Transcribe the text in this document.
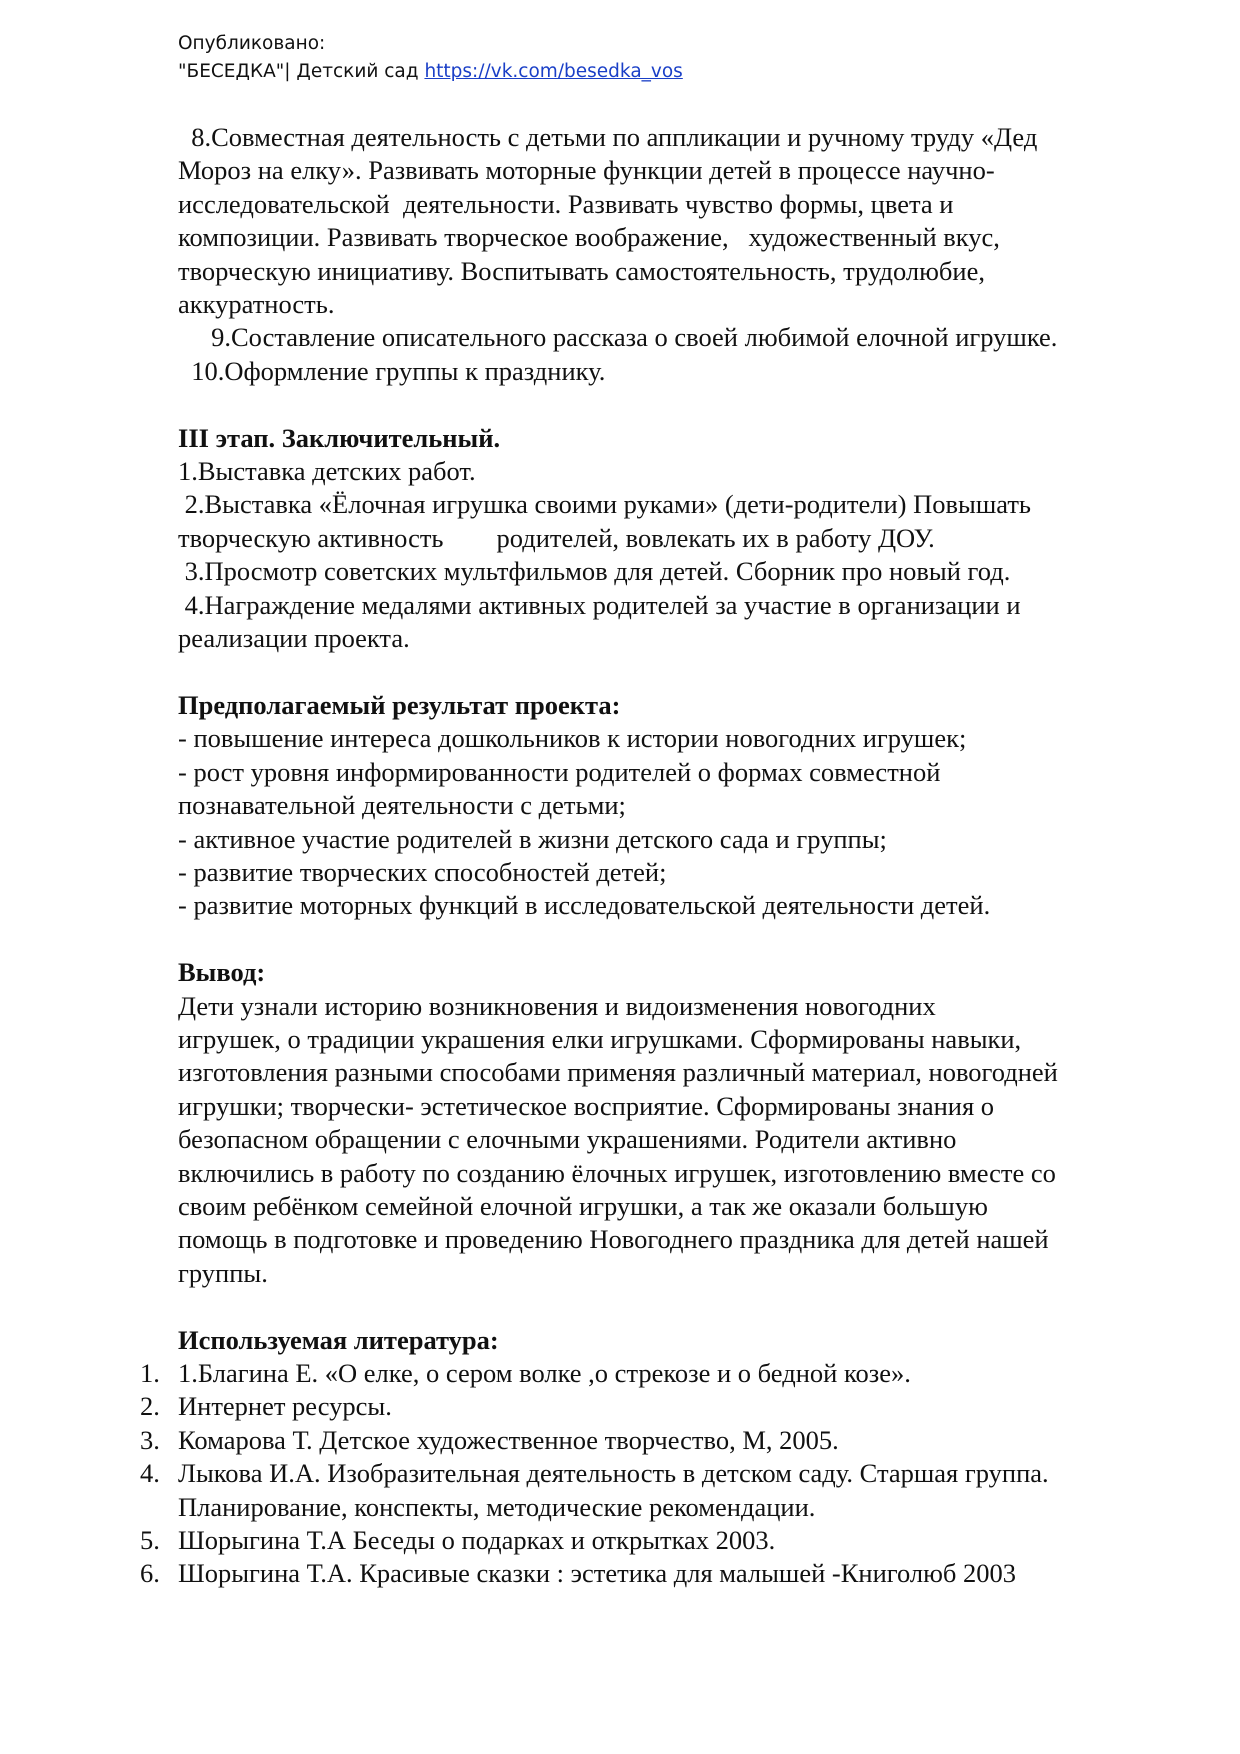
Опубликовано:
"БЕСЕДКА"| Детский сад https://vk.com/besedka_vos

8.Совместная деятельность с детьми по аппликации и ручному труду «Дед

Мороз на елку». Развивать моторные функции детей в процессе научно-

исследовательской  деятельности. Развивать чувство формы, цвета и

композиции. Развивать творческое воображение,   художественный вкус,

творческую инициативу. Воспитывать самостоятельность, трудолюбие,

аккуратность.

9.Составление описательного рассказа о своей любимой елочной игрушке.

10.Оформление группы к празднику.

III этап. Заключительный.

1.Выставка детских работ.

2.Выставка «Ёлочная игрушка своими руками» (дети-родители) Повышать

творческую активность        родителей, вовлекать их в работу ДОУ.

3.Просмотр советских мультфильмов для детей. Сборник про новый год.

4.Награждение медалями активных родителей за участие в организации и

реализации проекта.

Предполагаемый результат проекта:

- повышение интереса дошкольников к истории новогодних игрушек;

- рост уровня информированности родителей о формах совместной

познавательной деятельности с детьми;

- активное участие родителей в жизни детского сада и группы;

- развитие творческих способностей детей;

- развитие моторных функций в исследовательской деятельности детей.

Вывод:

Дети узнали историю возникновения и видоизменения новогодних

игрушек, о традиции украшения елки игрушками. Сформированы навыки,

изготовления разными способами применяя различный материал, новогодней

игрушки; творчески- эстетическое восприятие. Сформированы знания о

безопасном обращении с елочными украшениями. Родители активно

включились в работу по созданию ёлочных игрушек, изготовлению вместе со

своим ребёнком семейной елочной игрушки, а так же оказали большую

помощь в подготовке и проведению Новогоднего праздника для детей нашей

группы.

Используемая литература:

1. 1.Благина Е. «О елке, о сером волке ,о стрекозе и о бедной козе».

2. Интернет ресурсы.

3. Комарова Т. Детское художественное творчество, М, 2005.

4. Лыкова И.А. Изобразительная деятельность в детском саду. Старшая группа.

Планирование, конспекты, методические рекомендации.

5. Шорыгина Т.А Беседы о подарках и открытках 2003.

6. Шорыгина Т.А. Красивые сказки : эстетика для малышей -Книголюб 2003
